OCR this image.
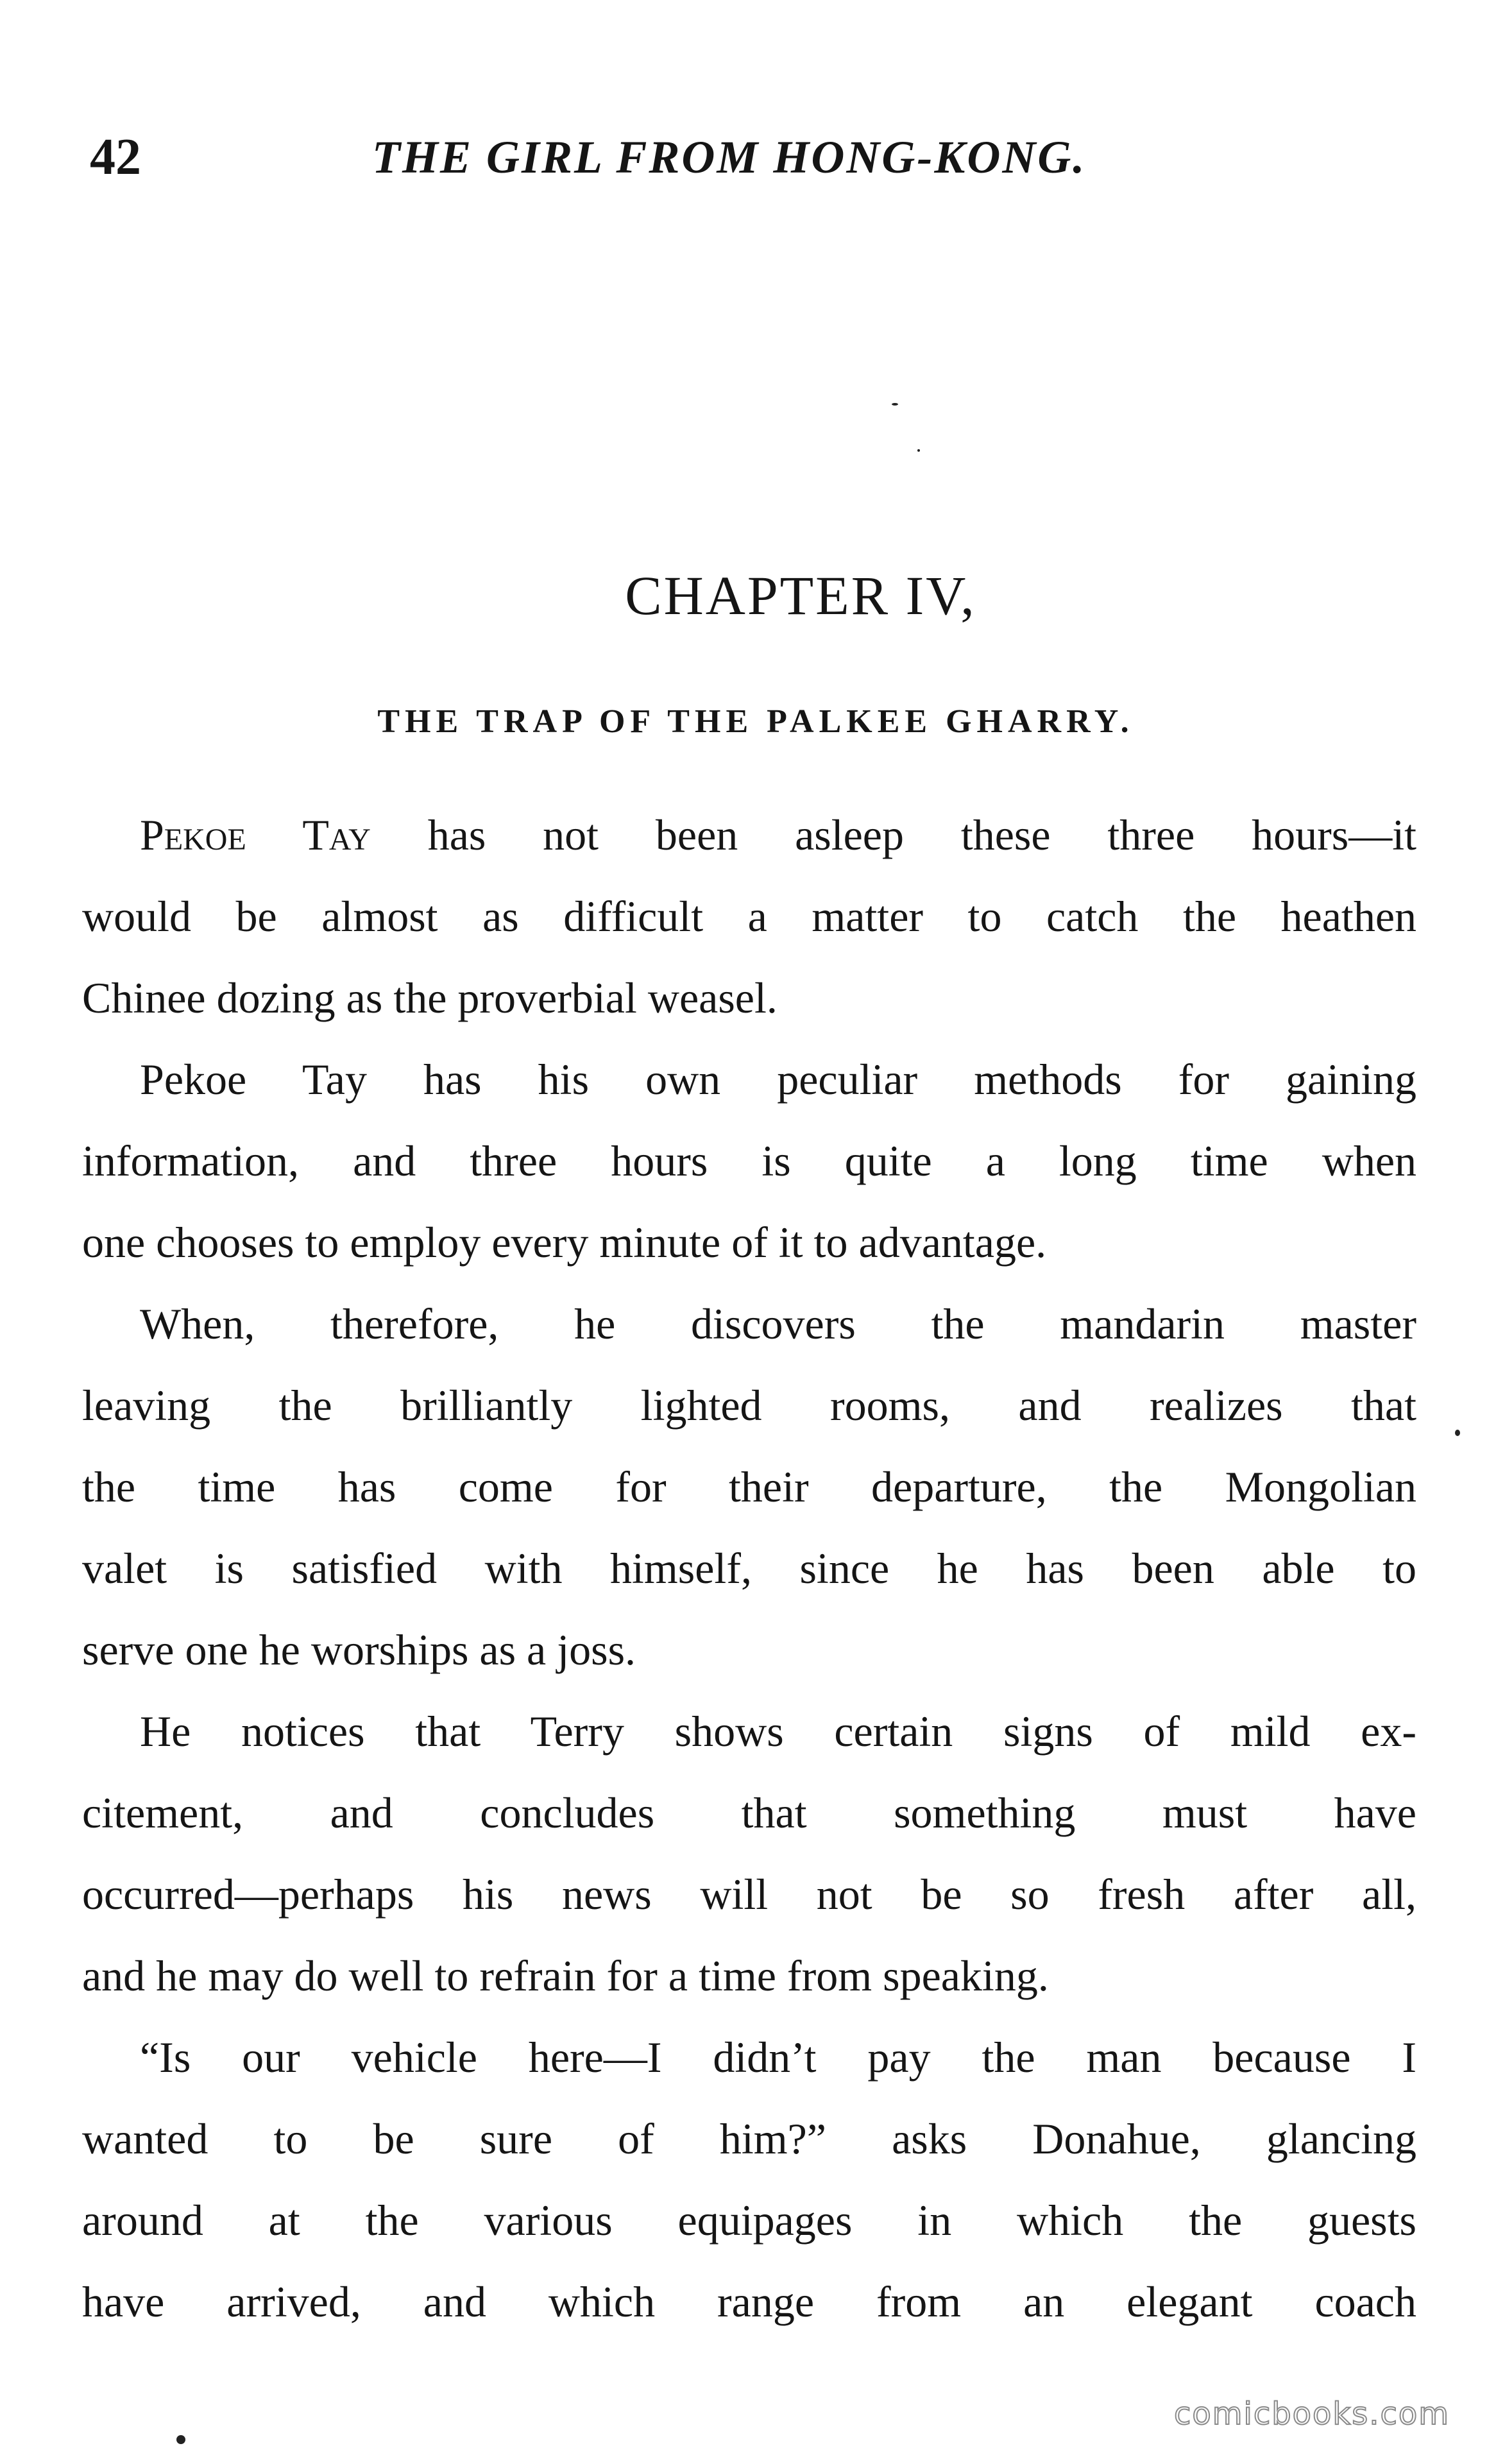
42	THE GIRL FROM HONG-KONG.
CHAPTER IV,
THE TRAP OF THE PALKEE GHARRY.

Pekoe Tay has not been asleep these three hours—it
would be almost as difficult a matter to catch the heathen
Chinee dozing as the proverbial weasel.

Pekoe Tay has his own peculiar methods for gaining
information, and three hours is quite a long time when
one chooses to employ every minute of it to advantage.

When, therefore, he discovers the mandarin master
leaving the brilliantly lighted rooms, and realizes that
the time has come for their departure, the Mongolian
valet is satisfied with himself, since he has been able to
serve one he worships as a joss.

He notices that Terry shows certain signs of mild ex-
citement, and concludes that something must have
occurred—perhaps his news will not be so fresh after all,
and he may do well to refrain for a time from speaking.

“Is our vehicle here—I didn’t pay the man because I
wanted to be sure of him?” asks Donahue, glancing
around at the various equipages in which the guests
have arrived, and which range from an elegant coach

comicbooks.com
